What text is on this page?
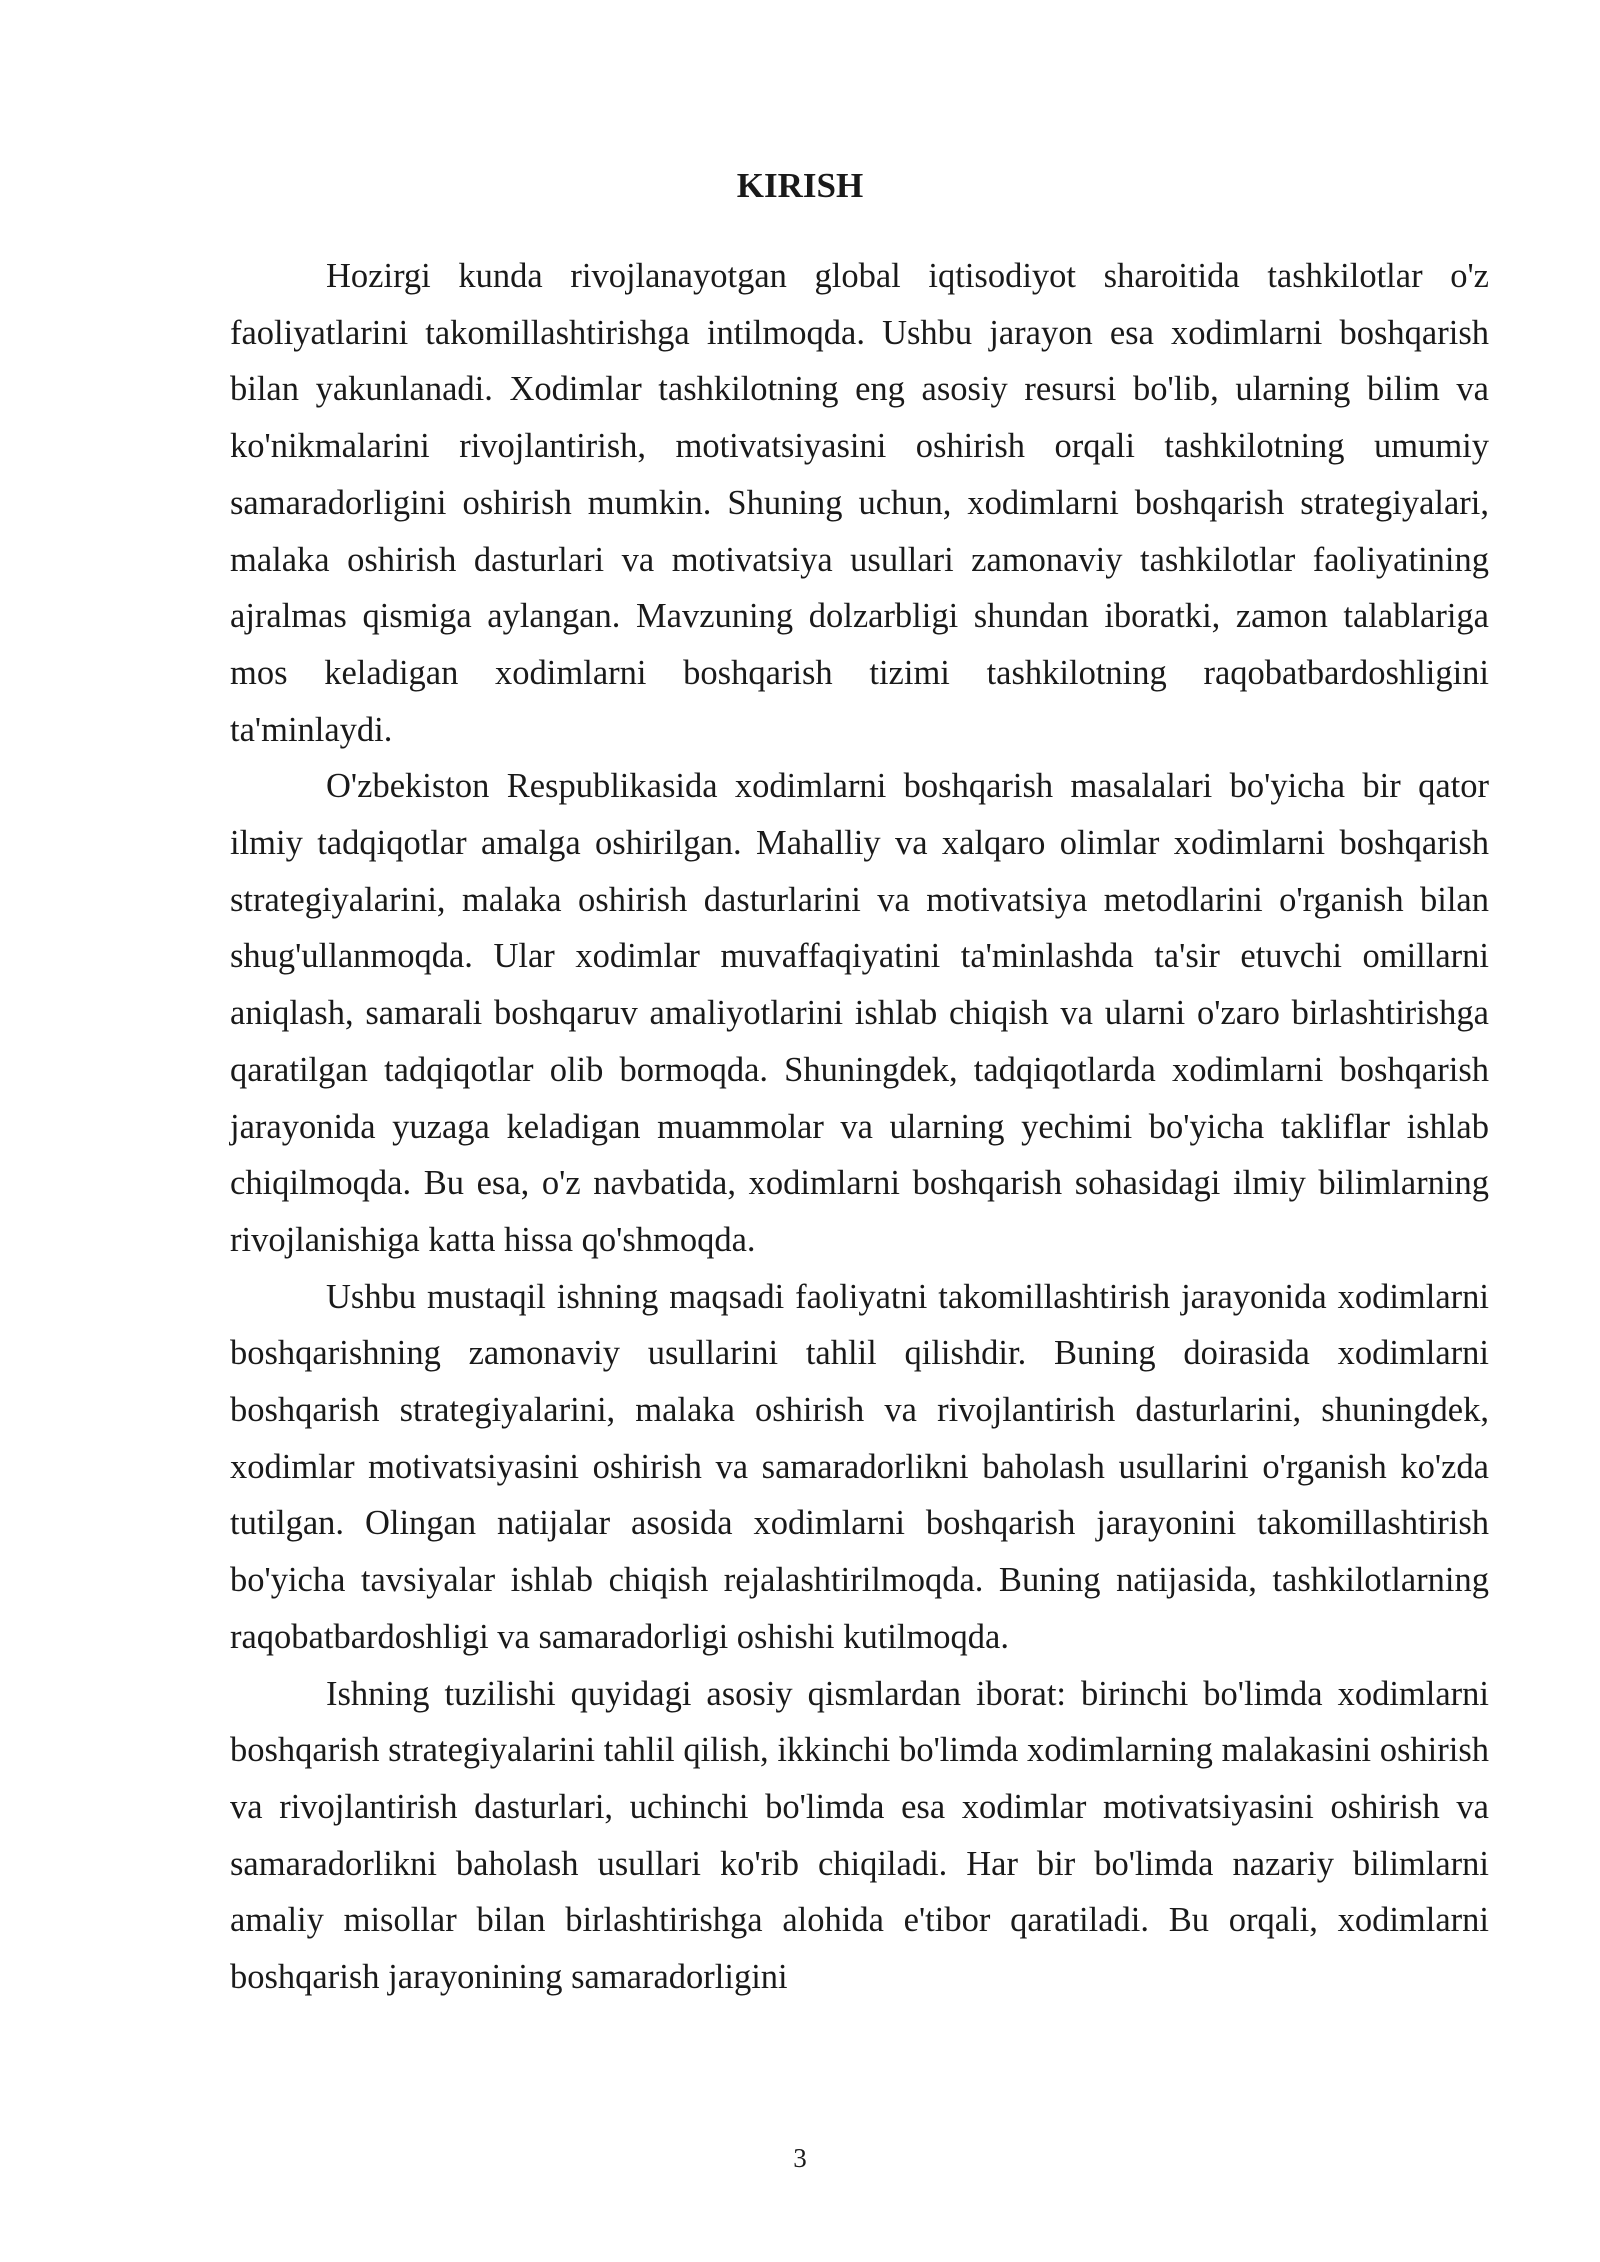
KIRISH

Hozirgi kunda rivojlanayotgan global iqtisodiyot sharoitida tashkilotlar o'z faoliyatlarini takomillashtirishga intilmoqda. Ushbu jarayon esa xodimlarni boshqarish bilan yakunlanadi. Xodimlar tashkilotning eng asosiy resursi bo'lib, ularning bilim va ko'nikmalarini rivojlantirish, motivatsiyasini oshirish orqali tashkilotning umumiy samaradorligini oshirish mumkin. Shuning uchun, xodimlarni boshqarish strategiyalari, malaka oshirish dasturlari va motivatsiya usullari zamonaviy tashkilotlar faoliyatining ajralmas qismiga aylangan. Mavzuning dolzarbligi shundan iboratki, zamon talablariga mos keladigan xodimlarni boshqarish tizimi tashkilotning raqobatbardoshligini ta'minlaydi.

O'zbekiston Respublikasida xodimlarni boshqarish masalalari bo'yicha bir qator ilmiy tadqiqotlar amalga oshirilgan. Mahalliy va xalqaro olimlar xodimlarni boshqarish strategiyalarini, malaka oshirish dasturlarini va motivatsiya metodlarini o'rganish bilan shug'ullanmoqda. Ular xodimlar muvaffaqiyatini ta'minlashda ta'sir etuvchi omillarni aniqlash, samarali boshqaruv amaliyotlarini ishlab chiqish va ularni o'zaro birlashtirishga qaratilgan tadqiqotlar olib bormoqda. Shuningdek, tadqiqotlarda xodimlarni boshqarish jarayonida yuzaga keladigan muammolar va ularning yechimi bo'yicha takliflar ishlab chiqilmoqda. Bu esa, o'z navbatida, xodimlarni boshqarish sohasidagi ilmiy bilimlarning rivojlanishiga katta hissa qo'shmoqda.

Ushbu mustaqil ishning maqsadi faoliyatni takomillashtirish jarayonida xodimlarni boshqarishning zamonaviy usullarini tahlil qilishdir. Buning doirasida xodimlarni boshqarish strategiyalarini, malaka oshirish va rivojlantirish dasturlarini, shuningdek, xodimlar motivatsiyasini oshirish va samaradorlikni baholash usullarini o'rganish ko'zda tutilgan. Olingan natijalar asosida xodimlarni boshqarish jarayonini takomillashtirish bo'yicha tavsiyalar ishlab chiqish rejalashtirilmoqda. Buning natijasida, tashkilotlarning raqobatbardoshligi va samaradorligi oshishi kutilmoqda.

Ishning tuzilishi quyidagi asosiy qismlardan iborat: birinchi bo'limda xodimlarni boshqarish strategiyalarini tahlil qilish, ikkinchi bo'limda xodimlarning malakasini oshirish va rivojlantirish dasturlari, uchinchi bo'limda esa xodimlar motivatsiyasini oshirish va samaradorlikni baholash usullari ko'rib chiqiladi. Har bir bo'limda nazariy bilimlarni amaliy misollar bilan birlashtirishga alohida e'tibor qaratiladi. Bu orqali, xodimlarni boshqarish jarayonining samaradorligini

3
